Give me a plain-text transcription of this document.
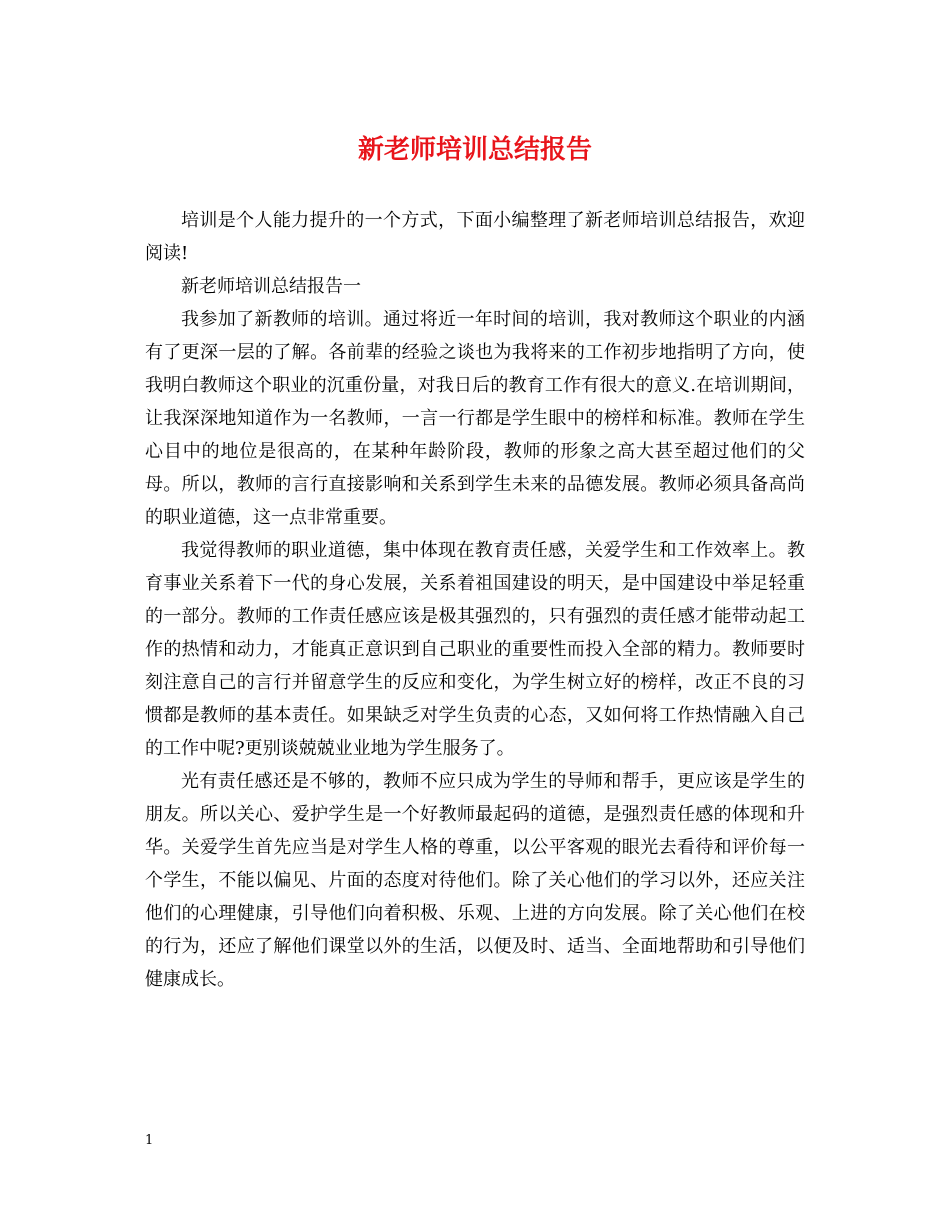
新老师培训总结报告

培训是个人能力提升的一个方式，下面小编整理了新老师培训总结报告，欢迎阅读!

新老师培训总结报告一

我参加了新教师的培训。通过将近一年时间的培训，我对教师这个职业的内涵有了更深一层的了解。各前辈的经验之谈也为我将来的工作初步地指明了方向，使我明白教师这个职业的沉重份量，对我日后的教育工作有很大的意义.在培训期间，让我深深地知道作为一名教师，一言一行都是学生眼中的榜样和标准。教师在学生心目中的地位是很高的，在某种年龄阶段，教师的形象之高大甚至超过他们的父母。所以，教师的言行直接影响和关系到学生未来的品德发展。教师必须具备高尚的职业道德，这一点非常重要。

我觉得教师的职业道德，集中体现在教育责任感，关爱学生和工作效率上。教育事业关系着下一代的身心发展，关系着祖国建设的明天，是中国建设中举足轻重的一部分。教师的工作责任感应该是极其强烈的，只有强烈的责任感才能带动起工作的热情和动力，才能真正意识到自己职业的重要性而投入全部的精力。教师要时刻注意自己的言行并留意学生的反应和变化，为学生树立好的榜样，改正不良的习惯都是教师的基本责任。如果缺乏对学生负责的心态，又如何将工作热情融入自己的工作中呢?更别谈兢兢业业地为学生服务了。

光有责任感还是不够的，教师不应只成为学生的导师和帮手，更应该是学生的朋友。所以关心、爱护学生是一个好教师最起码的道德，是强烈责任感的体现和升华。关爱学生首先应当是对学生人格的尊重，以公平客观的眼光去看待和评价每一个学生，不能以偏见、片面的态度对待他们。除了关心他们的学习以外，还应关注他们的心理健康，引导他们向着积极、乐观、上进的方向发展。除了关心他们在校的行为，还应了解他们课堂以外的生活，以便及时、适当、全面地帮助和引导他们健康成长。

1
